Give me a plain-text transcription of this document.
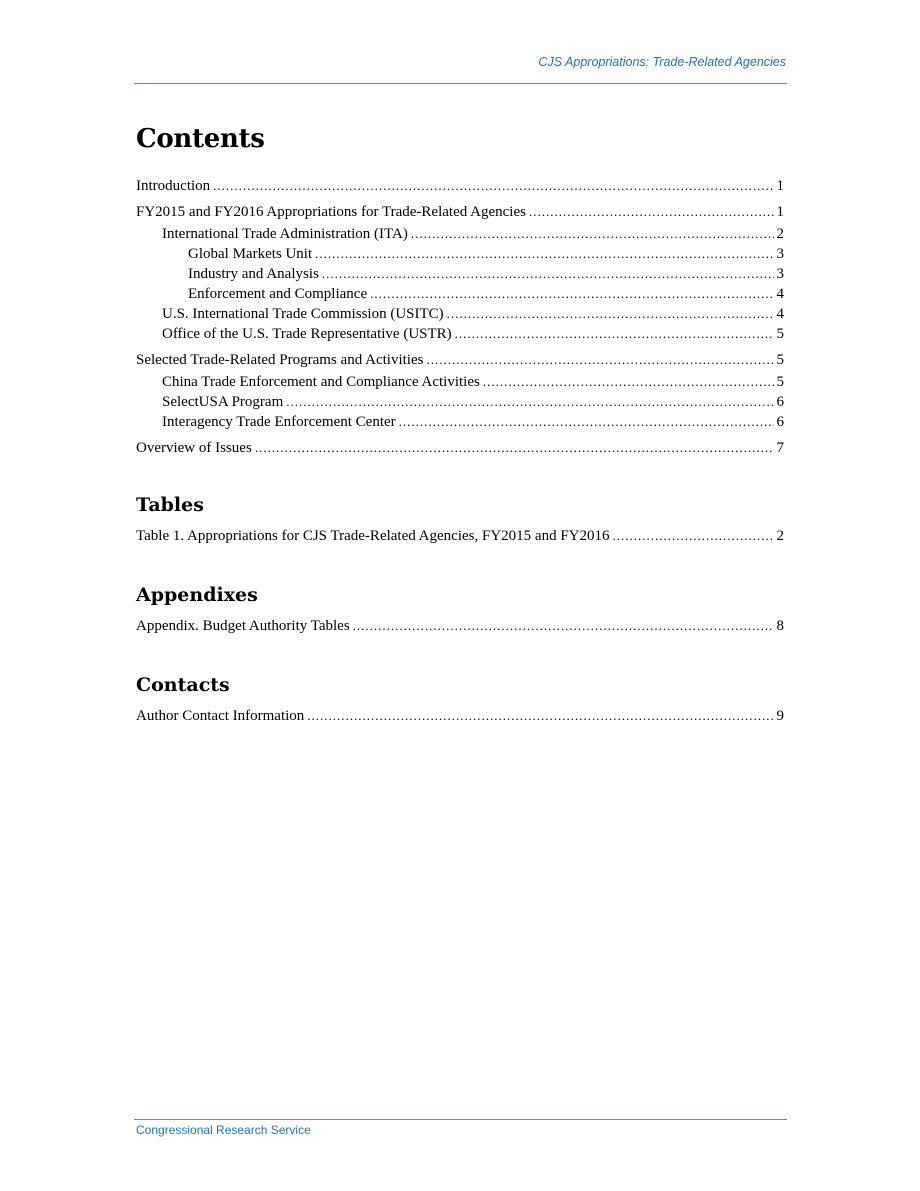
CJS Appropriations: Trade-Related Agencies
Contents
Introduction .....	1
FY2015 and FY2016 Appropriations for Trade-Related Agencies .....	1
International Trade Administration (ITA) .....	2
Global Markets Unit .....	3
Industry and Analysis .....	3
Enforcement and Compliance .....	4
U.S. International Trade Commission (USITC) .....	4
Office of the U.S. Trade Representative (USTR) .....	5
Selected Trade-Related Programs and Activities .....	5
China Trade Enforcement and Compliance Activities .....	5
SelectUSA Program .....	6
Interagency Trade Enforcement Center .....	6
Overview of Issues .....	7
Tables
Table 1. Appropriations for CJS Trade-Related Agencies, FY2015 and FY2016 .....	2
Appendixes
Appendix. Budget Authority Tables .....	8
Contacts
Author Contact Information .....	9
Congressional Research Service
